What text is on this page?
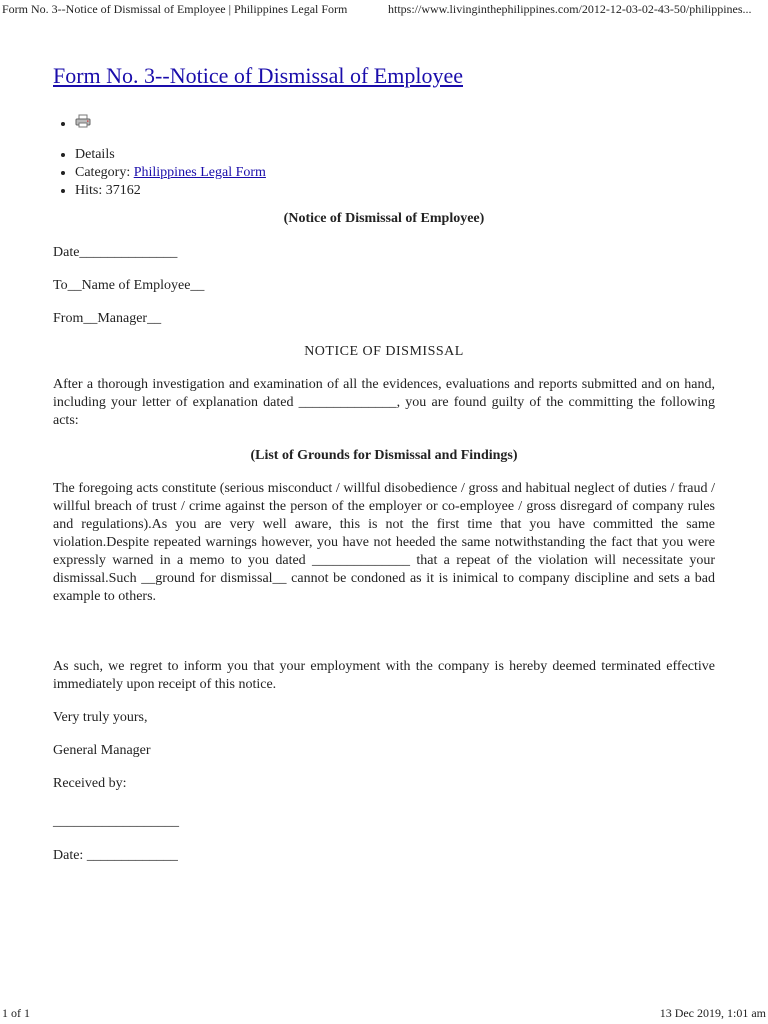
Form No. 3--Notice of Dismissal of Employee | Philippines Legal Form	https://www.livinginthephilippines.com/2012-12-03-02-43-50/philippines...
Form No. 3--Notice of Dismissal of Employee
•
• Details
• Category: Philippines Legal Form
• Hits: 37162

(Notice of Dismissal of Employee)

Date______________

To__Name of Employee__

From__Manager__

NOTICE OF DISMISSAL

After a thorough investigation and examination of all the evidences, evaluations and reports submitted and on hand, including your letter of explanation dated ______________, you are found guilty of the committing the following acts:

(List of Grounds for Dismissal and Findings)

The foregoing acts constitute (serious misconduct / willful disobedience / gross and habitual neglect of duties / fraud / willful breach of trust / crime against the person of the employer or co-employee / gross disregard of company rules and regulations).As you are very well aware, this is not the first time that you have committed the same violation.Despite repeated warnings however, you have not heeded the same notwithstanding the fact that you were expressly warned in a memo to you dated ______________ that a repeat of the violation will necessitate your dismissal.Such __ground for dismissal__ cannot be condoned as it is inimical to company discipline and sets a bad example to others.

As such, we regret to inform you that your employment with the company is hereby deemed terminated effective immediately upon receipt of this notice.

Very truly yours,

General Manager

Received by:

__________________

Date: _____________

1 of 1	13 Dec 2019, 1:01 am
